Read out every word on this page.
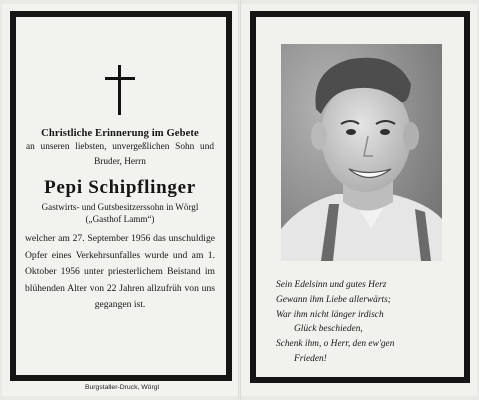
Christliche Erinnerung im Gebete

an unseren liebsten, unvergeßlichen Sohn und Bruder, Herrn

Pepi Schipflinger

Gastwirts- und Gutsbesitzerssohn in Wörgl

(„Gasthof Lamm“)

welcher am 27. September 1956 das unschuldige Opfer eines Verkehrsunfalles wurde und am 1. Oktober 1956 unter priesterlichem Beistand im blühenden Alter von 22 Jahren allzufrüh von uns gegangen ist.

Burgstaller-Druck, Wörgl
Sein Edelsinn und gutes Herz
Gewann ihm Liebe allerwärts;
War ihm nicht länger irdisch
Glück beschieden,
Schenk ihm, o Herr, den ew'gen
Frieden!
